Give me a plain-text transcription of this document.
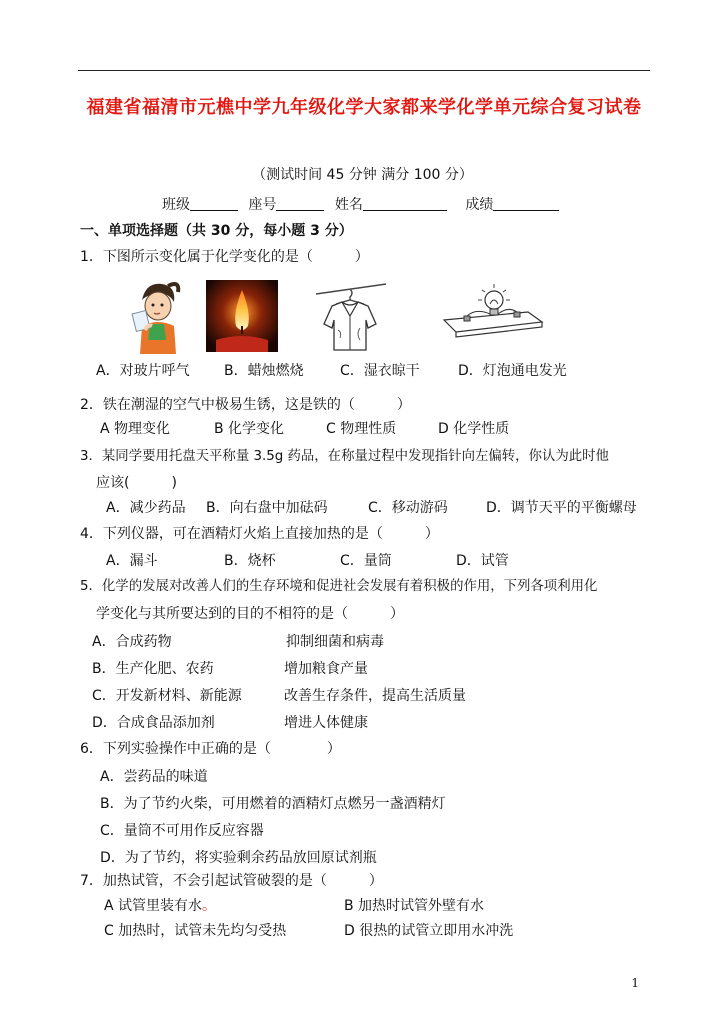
福建省福清市元樵中学九年级化学大家都来学化学单元综合复习试卷
（测试时间 45 分钟 满分 100 分）
班级	座号	姓名	成绩
一、单项选择题（共 30 分，每小题 3 分）
1．下图所示变化属于化学变化的是（　　　）
A．对玻片呼气 B．蜡烛燃烧	C．湿衣晾干	D．灯泡通电发光
2．铁在潮湿的空气中极易生锈，这是铁的（　　　）
A 物理变化	B 化学变化	C 物理性质	D 化学性质
3．某同学要用托盘天平称量 3.5g 药品，在称量过程中发现指针向左偏转，你认为此时他
应该(　　　)
A．减少药品 B．向右盘中加砝码	C．移动游码	D．调节天平的平衡螺母
4．下列仪器，可在酒精灯火焰上直接加热的是（　　　）
A．漏斗	B．烧杯	C．量筒	D．试管
5．化学的发展对改善人们的生存环境和促进社会发展有着积极的作用，下列各项利用化
学变化与其所要达到的目的不相符的是（　　　）
A．合成药物	抑制细菌和病毒
B．生产化肥、农药	增加粮食产量
C．开发新材料、新能源	改善生存条件，提高生活质量
D．合成食品添加剂	增进人体健康
6．下列实验操作中正确的是（　　　　）
A．尝药品的味道
B．为了节约火柴，可用燃着的酒精灯点燃另一盏酒精灯
C．量筒不可用作反应容器
D．为了节约，将实验剩余药品放回原试剂瓶
7．加热试管，不会引起试管破裂的是（　　　）
A 试管里装有水。	B 加热时试管外壁有水
C 加热时，试管未先均匀受热	D 很热的试管立即用水冲洗
1
